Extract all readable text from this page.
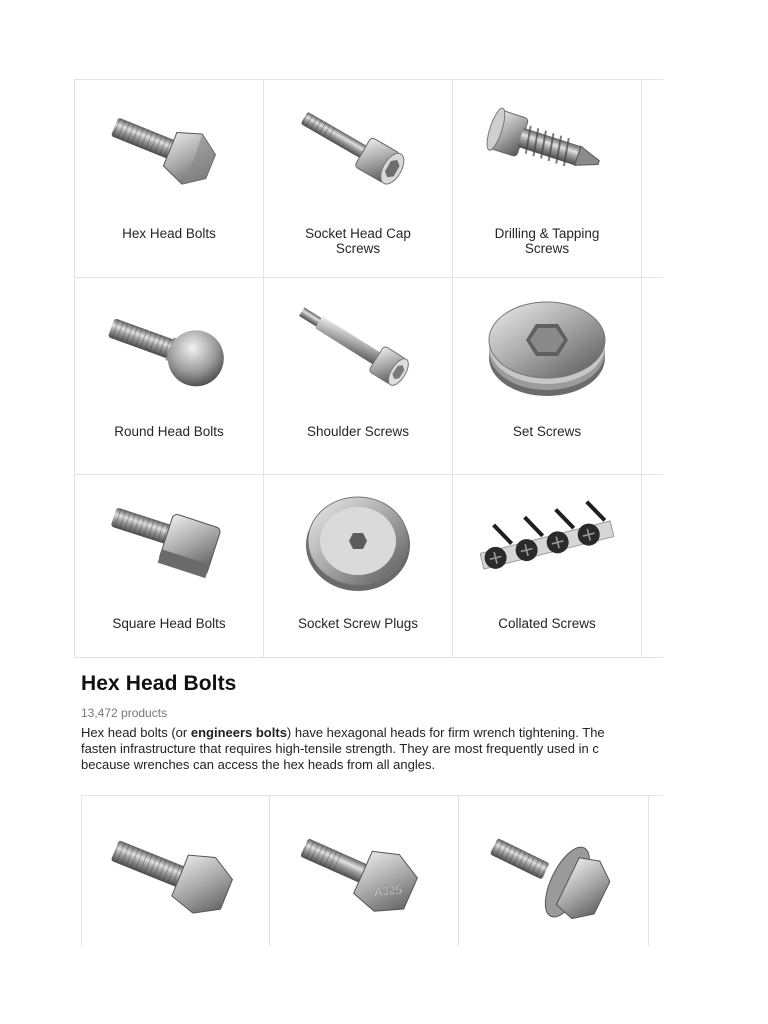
Hex Head Bolts	Socket Head Cap Screws
Drilling & Tapping Screws
Round Head Bolts	Shoulder Screws	Set Screws
Square Head Bolts	Socket Screw Plugs	Collated Screws
Hex Head Bolts
13,472 products

Hex head bolts (or engineers bolts) have hexagonal heads for firm wrench tightening. The
fasten infrastructure that requires high-tensile strength. They are most frequently used in c
because wrenches can access the hex heads from all angles.

A325
